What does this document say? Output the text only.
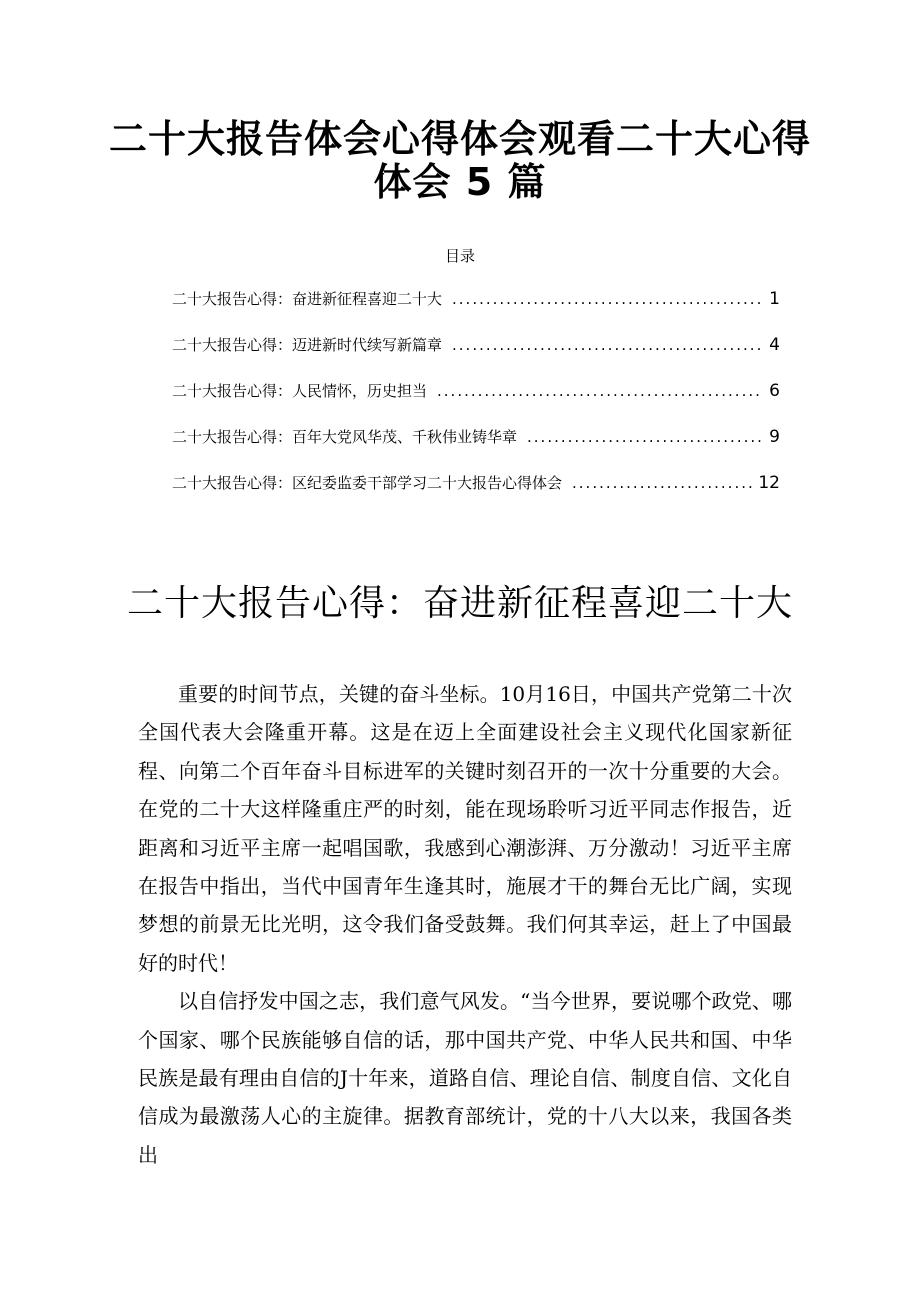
二十大报告体会心得体会观看二十大心得
体会 5 篇
目录
二十大报告心得：奋进新征程喜迎二十大 .....	1
二十大报告心得：迈进新时代续写新篇章 .....	4
二十大报告心得：人民情怀，历史担当 .....	6
二十大报告心得：百年大党风华茂、千秋伟业铸华章 .....	9
二十大报告心得：区纪委监委干部学习二十大报告心得体会 .....	12
二十大报告心得：奋进新征程喜迎二十大

重要的时间节点，关键的奋斗坐标。10月16日，中国共产党第二十次全国代表大会隆重开幕。这是在迈上全面建设社会主义现代化国家新征程、向第二个百年奋斗目标进军的关键时刻召开的一次十分重要的大会。在党的二十大这样隆重庄严的时刻，能在现场聆听习近平同志作报告，近距离和习近平主席一起唱国歌，我感到心潮澎湃、万分激动！习近平主席在报告中指出，当代中国青年生逢其时，施展才干的舞台无比广阔，实现梦想的前景无比光明，这令我们备受鼓舞。我们何其幸运，赶上了中国最好的时代！

以自信抒发中国之志，我们意气风发。“当今世界，要说哪个政党、哪个国家、哪个民族能够自信的话，那中国共产党、中华人民共和国、中华民族是最有理由自信的J十年来，道路自信、理论自信、制度自信、文化自信成为最激荡人心的主旋律。据教育部统计，党的十八大以来，我国各类出
